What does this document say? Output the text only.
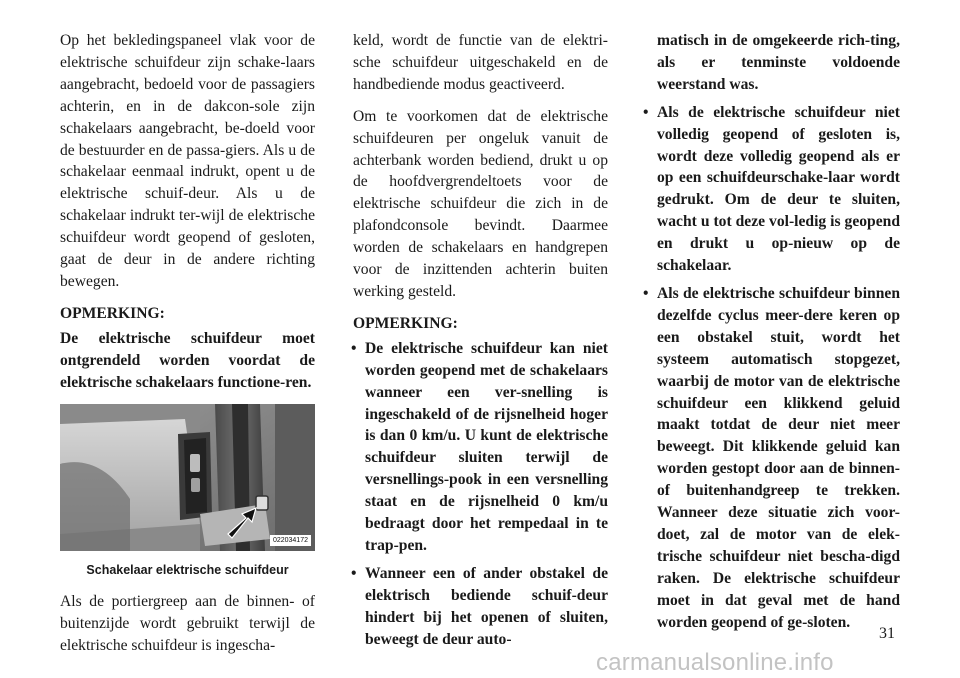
Op het bekledingspaneel vlak voor de elektrische schuifdeur zijn schake-laars aangebracht, bedoeld voor de passagiers achterin, en in de dakcon-sole zijn schakelaars aangebracht, be-doeld voor de bestuurder en de passa-giers. Als u de schakelaar eenmaal indrukt, opent u de elektrische schuif-deur. Als u de schakelaar indrukt ter-wijl de elektrische schuifdeur wordt geopend of gesloten, gaat de deur in de andere richting bewegen.

OPMERKING:

De elektrische schuifdeur moet ontgrendeld worden voordat de elektrische schakelaars functione-ren.

022034172
Schakelaar elektrische schuifdeur

Als de portiergreep aan de binnen- of buitenzijde wordt gebruikt terwijl de elektrische schuifdeur is ingescha-

keld, wordt de functie van de elektri-sche schuifdeur uitgeschakeld en de handbediende modus geactiveerd.

Om te voorkomen dat de elektrische schuifdeuren per ongeluk vanuit de achterbank worden bediend, drukt u op de hoofdvergrendeltoets voor de elektrische schuifdeur die zich in de plafondconsole bevindt. Daarmee worden de schakelaars en handgrepen voor de inzittenden achterin buiten werking gesteld.

OPMERKING:

• De elektrische schuifdeur kan niet worden geopend met de schakelaars wanneer een ver-snelling is ingeschakeld of de rijsnelheid hoger is dan 0 km/u. U kunt de elektrische schuifdeur sluiten terwijl de versnellings-pook in een versnelling staat en de rijsnelheid 0 km/u bedraagt door het rempedaal in te trap-pen.
• Wanneer een of ander obstakel de elektrisch bediende schuif-deur hindert bij het openen of sluiten, beweegt de deur auto-
matisch in de omgekeerde rich-ting, als er tenminste voldoende weerstand was.
• Als de elektrische schuifdeur niet volledig geopend of gesloten is, wordt deze volledig geopend als er op een schuifdeurschake-laar wordt gedrukt. Om de deur te sluiten, wacht u tot deze vol-ledig is geopend en drukt u op-nieuw op de schakelaar.
• Als de elektrische schuifdeur binnen dezelfde cyclus meer-dere keren op een obstakel stuit, wordt het systeem automatisch stopgezet, waarbij de motor van de elektrische schuifdeur een klikkend geluid maakt totdat de deur niet meer beweegt. Dit klikkende geluid kan worden gestopt door aan de binnen- of buitenhandgreep te trekken. Wanneer deze situatie zich voor-doet, zal de motor van de elek-trische schuifdeur niet bescha-digd raken. De elektrische schuifdeur moet in dat geval met de hand worden geopend of ge-sloten.
31
carmanualsonline.info
